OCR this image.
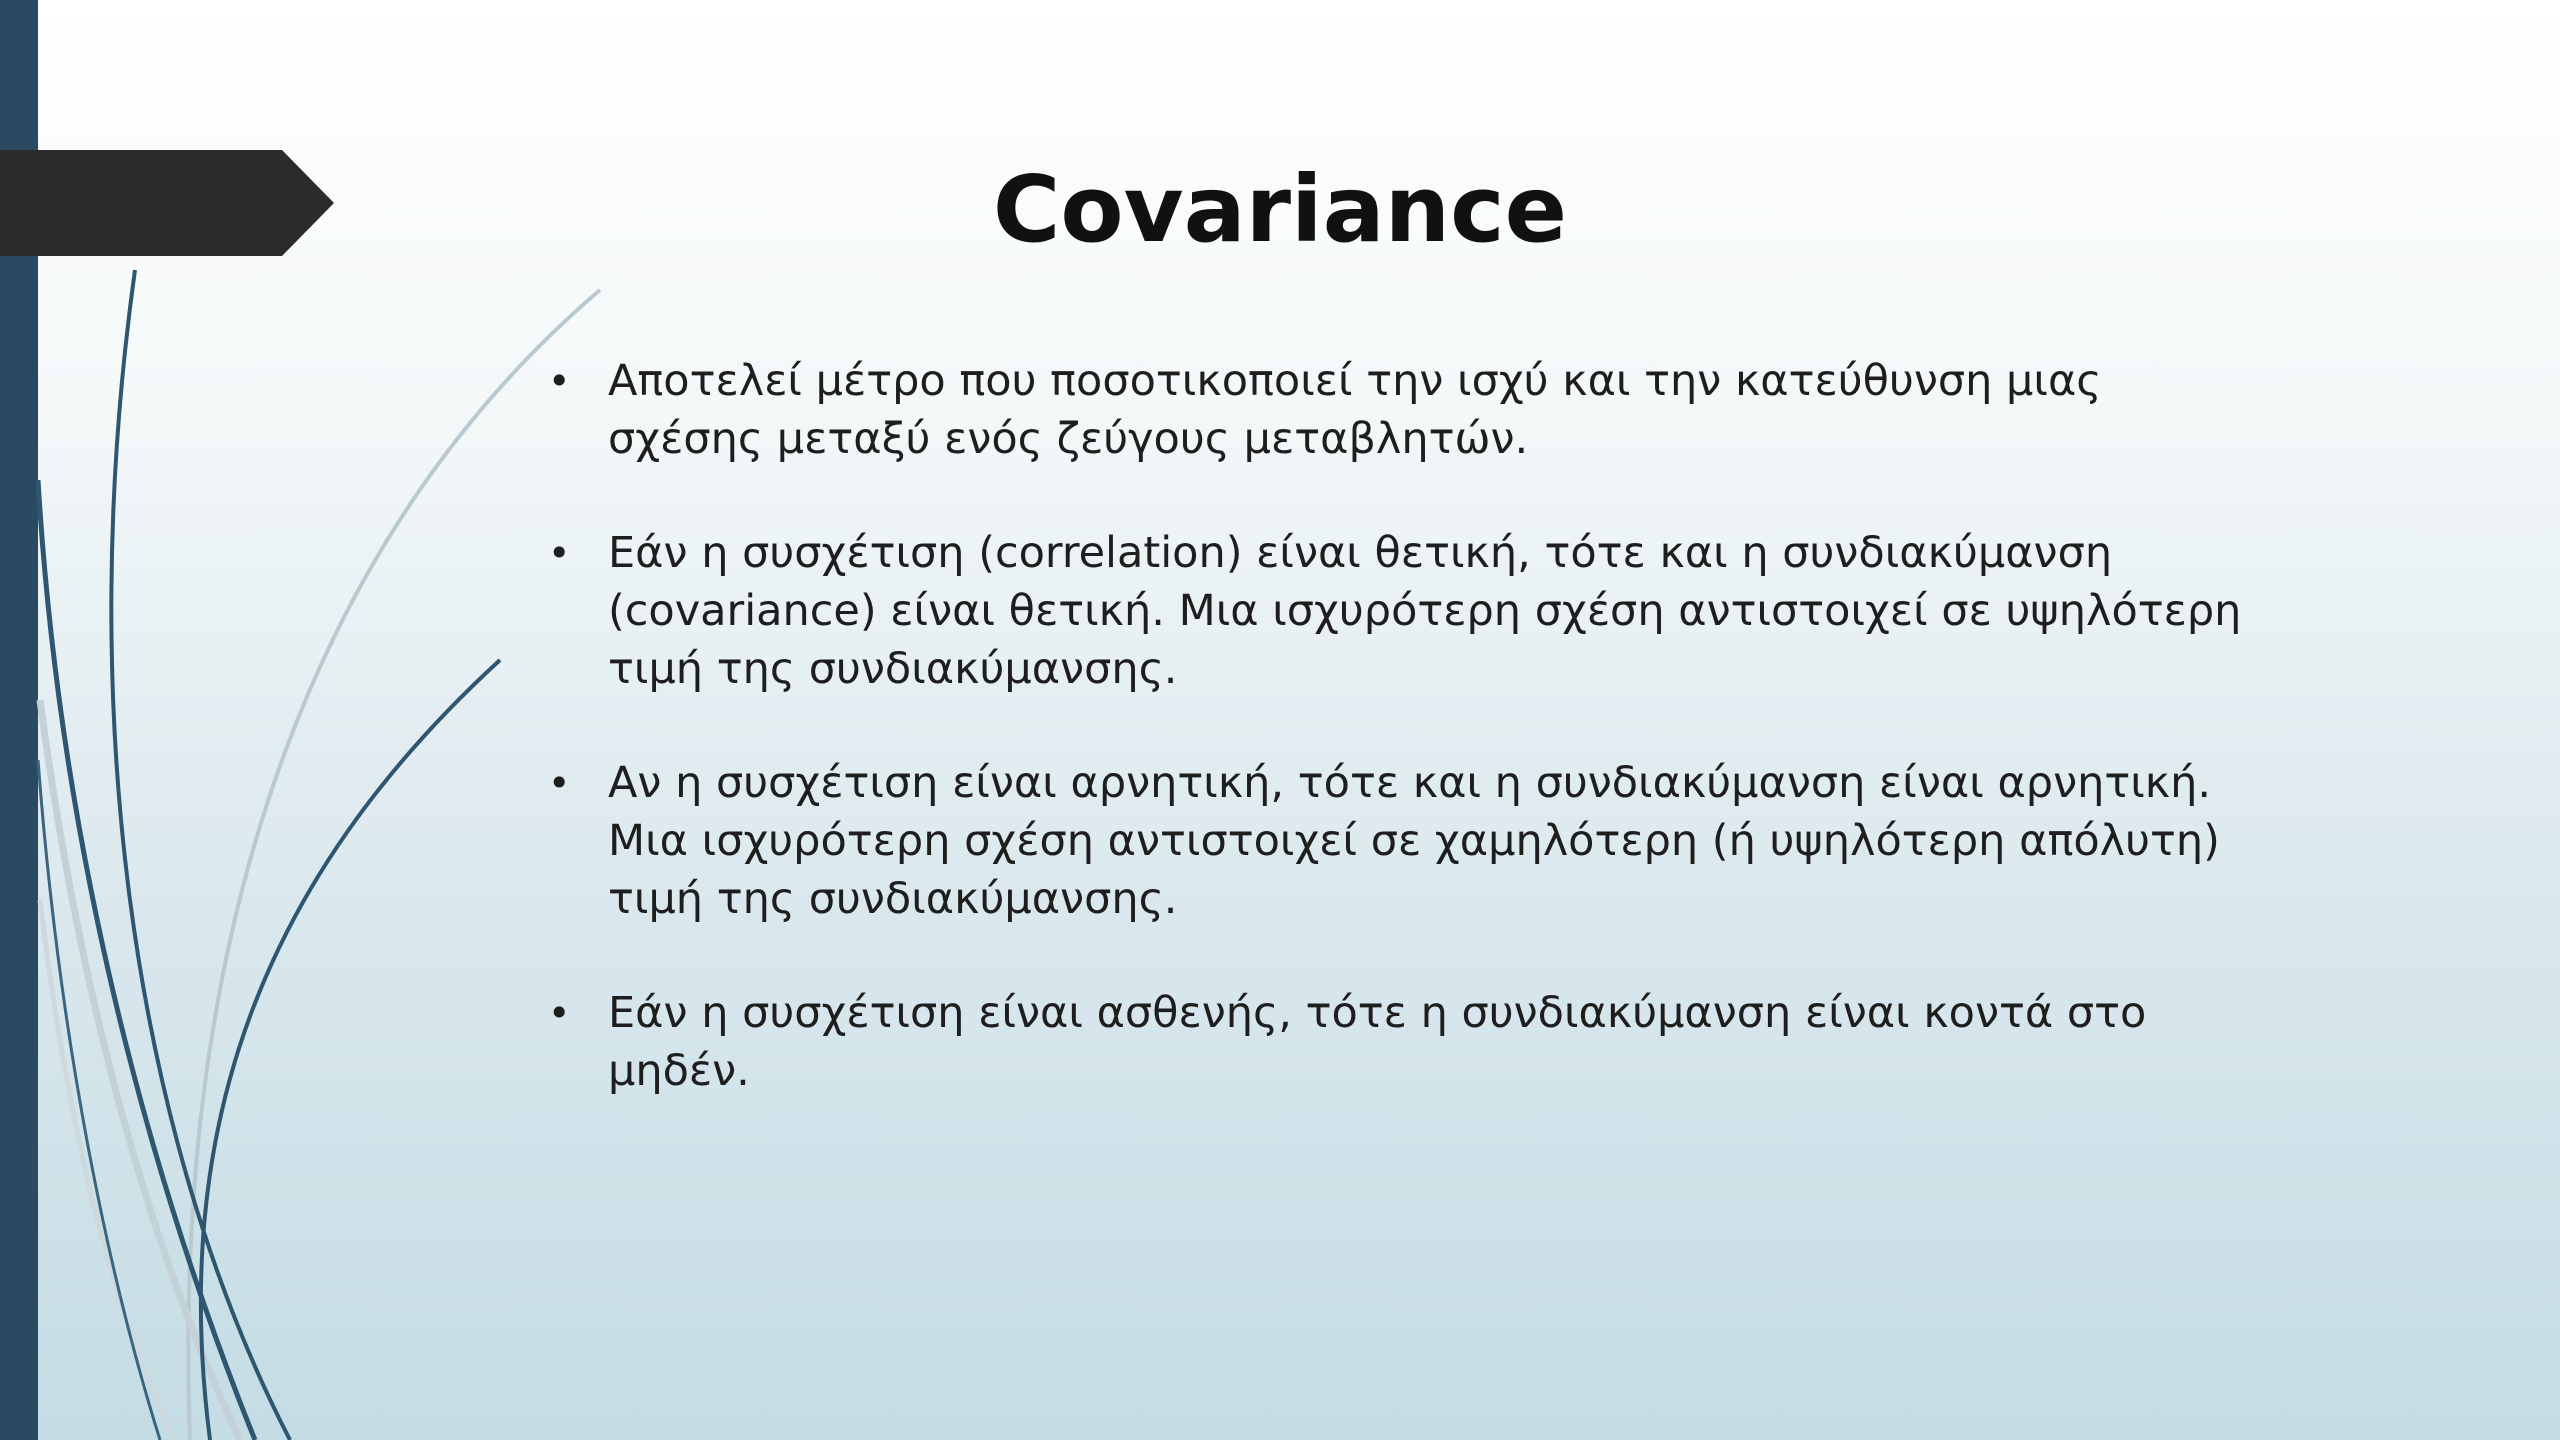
Covariance
• Αποτελεί μέτρο που ποσοτικοποιεί την ισχύ και την κατεύθυνση μιας σχέσης μεταξύ ενός ζεύγους μεταβλητών.
• Εάν η συσχέτιση (correlation) είναι θετική, τότε και η συνδιακύμανση (covariance) είναι θετική. Μια ισχυρότερη σχέση αντιστοιχεί σε υψηλότερη τιμή της συνδιακύμανσης.
• Αν η συσχέτιση είναι αρνητική, τότε και η συνδιακύμανση είναι αρνητική. Μια ισχυρότερη σχέση αντιστοιχεί σε χαμηλότερη (ή υψηλότερη απόλυτη) τιμή της συνδιακύμανσης.
• Εάν η συσχέτιση είναι ασθενής, τότε η συνδιακύμανση είναι κοντά στο μηδέν.
